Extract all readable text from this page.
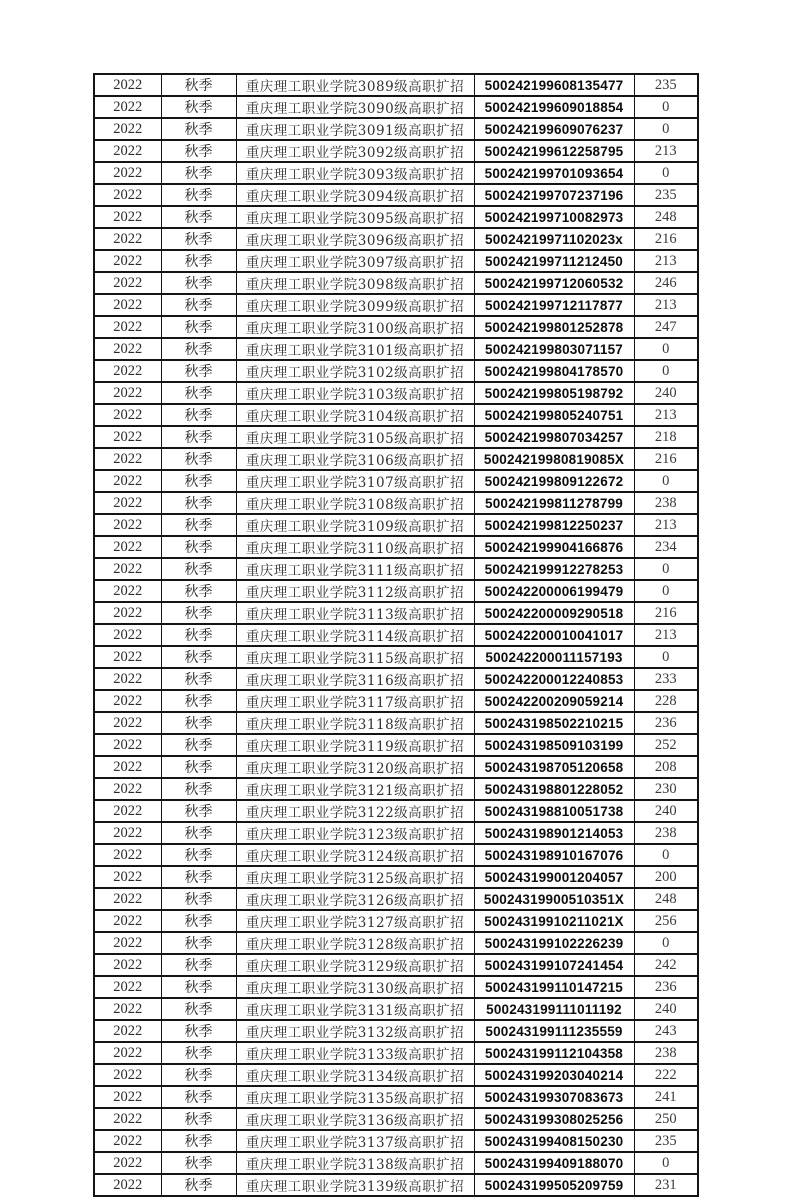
2022	秋季	重庆理工职业学院3089级高职扩招	500242199608135477	235
2022	秋季	重庆理工职业学院3090级高职扩招	500242199609018854	0
2022	秋季	重庆理工职业学院3091级高职扩招	500242199609076237	0
2022	秋季	重庆理工职业学院3092级高职扩招	500242199612258795	213
2022	秋季	重庆理工职业学院3093级高职扩招	500242199701093654	0
2022	秋季	重庆理工职业学院3094级高职扩招	500242199707237196	235
2022	秋季	重庆理工职业学院3095级高职扩招	500242199710082973	248
2022	秋季	重庆理工职业学院3096级高职扩招	50024219971102023x	216
2022	秋季	重庆理工职业学院3097级高职扩招	500242199711212450	213
2022	秋季	重庆理工职业学院3098级高职扩招	500242199712060532	246
2022	秋季	重庆理工职业学院3099级高职扩招	500242199712117877	213
2022	秋季	重庆理工职业学院3100级高职扩招	500242199801252878	247
2022	秋季	重庆理工职业学院3101级高职扩招	500242199803071157	0
2022	秋季	重庆理工职业学院3102级高职扩招	500242199804178570	0
2022	秋季	重庆理工职业学院3103级高职扩招	500242199805198792	240
2022	秋季	重庆理工职业学院3104级高职扩招	500242199805240751	213
2022	秋季	重庆理工职业学院3105级高职扩招	500242199807034257	218
2022	秋季	重庆理工职业学院3106级高职扩招	50024219980819085X	216
2022	秋季	重庆理工职业学院3107级高职扩招	500242199809122672	0
2022	秋季	重庆理工职业学院3108级高职扩招	500242199811278799	238
2022	秋季	重庆理工职业学院3109级高职扩招	500242199812250237	213
2022	秋季	重庆理工职业学院3110级高职扩招	500242199904166876	234
2022	秋季	重庆理工职业学院3111级高职扩招	500242199912278253	0
2022	秋季	重庆理工职业学院3112级高职扩招	500242200006199479	0
2022	秋季	重庆理工职业学院3113级高职扩招	500242200009290518	216
2022	秋季	重庆理工职业学院3114级高职扩招	500242200010041017	213
2022	秋季	重庆理工职业学院3115级高职扩招	500242200011157193	0
2022	秋季	重庆理工职业学院3116级高职扩招	500242200012240853	233
2022	秋季	重庆理工职业学院3117级高职扩招	500242200209059214	228
2022	秋季	重庆理工职业学院3118级高职扩招	500243198502210215	236
2022	秋季	重庆理工职业学院3119级高职扩招	500243198509103199	252
2022	秋季	重庆理工职业学院3120级高职扩招	500243198705120658	208
2022	秋季	重庆理工职业学院3121级高职扩招	500243198801228052	230
2022	秋季	重庆理工职业学院3122级高职扩招	500243198810051738	240
2022	秋季	重庆理工职业学院3123级高职扩招	500243198901214053	238
2022	秋季	重庆理工职业学院3124级高职扩招	500243198910167076	0
2022	秋季	重庆理工职业学院3125级高职扩招	500243199001204057	200
2022	秋季	重庆理工职业学院3126级高职扩招	50024319900510351X	248
2022	秋季	重庆理工职业学院3127级高职扩招	50024319910211021X	256
2022	秋季	重庆理工职业学院3128级高职扩招	500243199102226239	0
2022	秋季	重庆理工职业学院3129级高职扩招	500243199107241454	242
2022	秋季	重庆理工职业学院3130级高职扩招	500243199110147215	236
2022	秋季	重庆理工职业学院3131级高职扩招	500243199111011192	240
2022	秋季	重庆理工职业学院3132级高职扩招	500243199111235559	243
2022	秋季	重庆理工职业学院3133级高职扩招	500243199112104358	238
2022	秋季	重庆理工职业学院3134级高职扩招	500243199203040214	222
2022	秋季	重庆理工职业学院3135级高职扩招	500243199307083673	241
2022	秋季	重庆理工职业学院3136级高职扩招	500243199308025256	250
2022	秋季	重庆理工职业学院3137级高职扩招	500243199408150230	235
2022	秋季	重庆理工职业学院3138级高职扩招	500243199409188070	0
2022	秋季	重庆理工职业学院3139级高职扩招	500243199505209759	231
